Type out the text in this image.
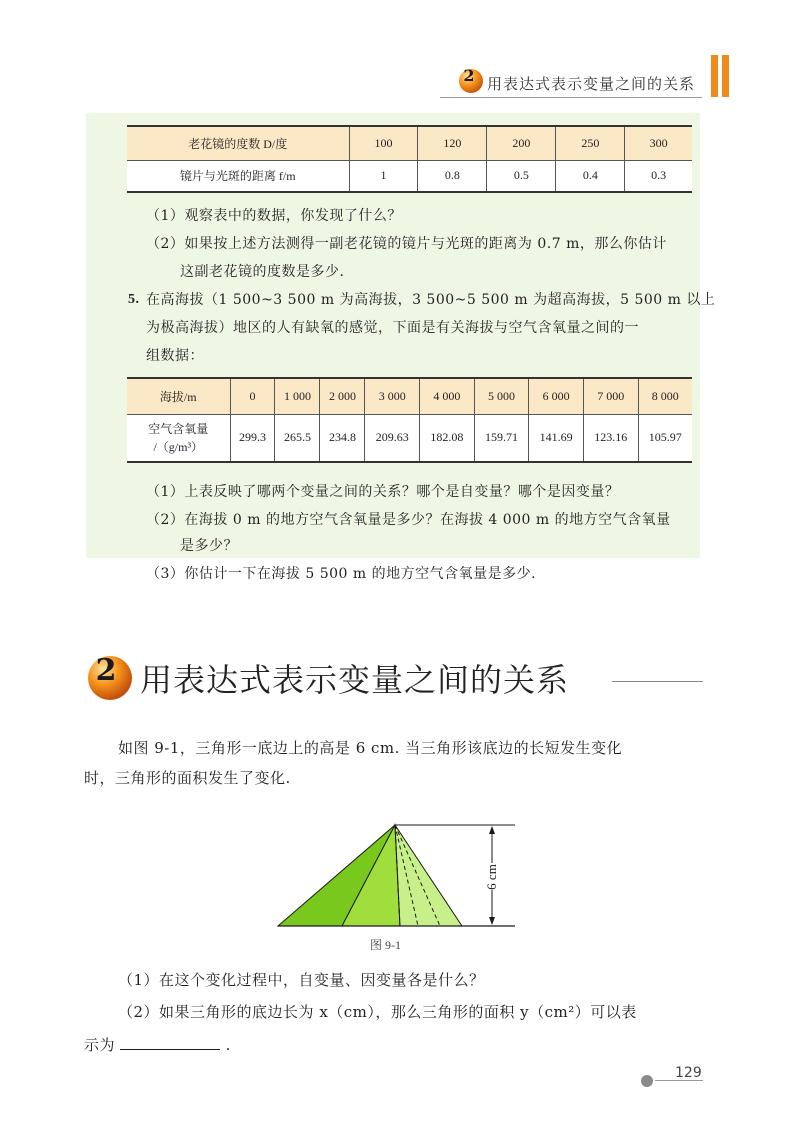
2 用表达式表示变量之间的关系
老花镜的度数 D/度	100	120	200	250	300
镜片与光斑的距离 f/m	1	0.8	0.5	0.4	0.3
（1）观察表中的数据，你发现了什么？
（2）如果按上述方法测得一副老花镜的镜片与光斑的距离为 0.7 m，那么你估计
这副老花镜的度数是多少.
5. 在高海拔（1 500~3 500 m 为高海拔，3 500~5 500 m 为超高海拔，5 500 m 以上
为极高海拔）地区的人有缺氧的感觉，下面是有关海拔与空气含氧量之间的一
组数据：
海拔/m	0	1 000	2 000	3 000	4 000	5 000	6 000	7 000	8 000

空气含氧量
/（g/m³）	299.3	265.5	234.8	209.63	182.08	159.71	141.69	123.16	105.97
（1）上表反映了哪两个变量之间的关系？哪个是自变量？哪个是因变量？
（2）在海拔 0 m 的地方空气含氧量是多少？在海拔 4 000 m 的地方空气含氧量
是多少？
（3）你估计一下在海拔 5 500 m 的地方空气含氧量是多少.
2 用表达式表示变量之间的关系
如图 9-1，三角形一底边上的高是 6 cm. 当三角形该底边的长短发生变化
时，三角形的面积发生了变化.
6 cm
图 9-1
（1）在这个变化过程中，自变量、因变量各是什么？
（2）如果三角形的底边长为 x（cm），那么三角形的面积 y（cm²）可以表
示为	.
129
